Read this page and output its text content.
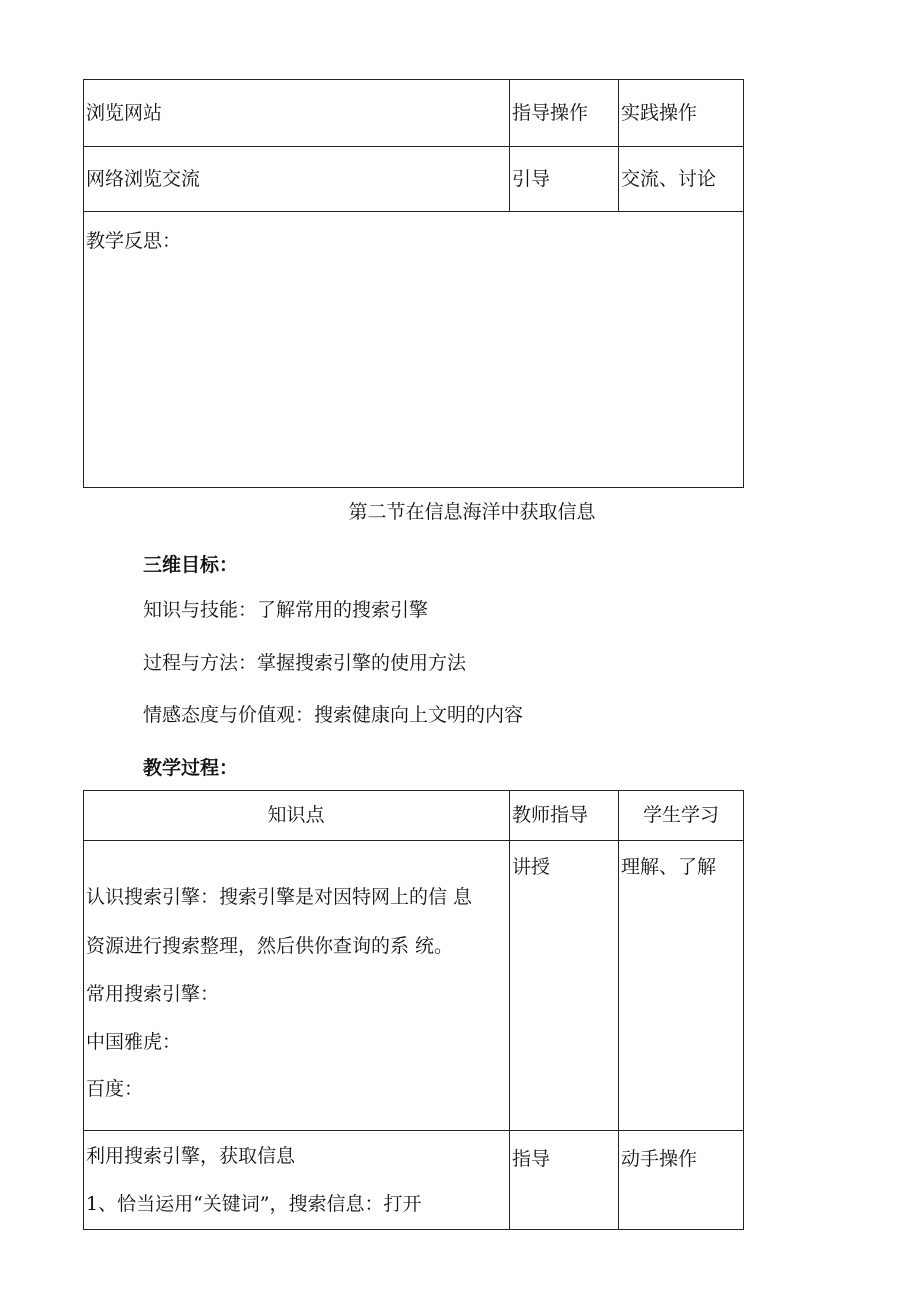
浏览网站	指导操作 实践操作
网络浏览交流	引导	交流、讨论
教学反思：
第二节在信息海洋中获取信息
三维目标：
知识与技能：了解常用的搜索引擎
过程与方法：掌握搜索引擎的使用方法
情感态度与价值观：搜索健康向上文明的内容
教学过程：
知识点	教师指导	学生学习
认识搜索引擎：搜索引擎是对因特网上的信 息
资源进行搜索整理，然后供你查询的系 统。
常用搜索引擎：
中国雅虎：
百度：
讲授	理解、了解
利用搜索引擎，获取信息
1、恰当运用“关键词”，搜索信息：打开
指导	动手操作
